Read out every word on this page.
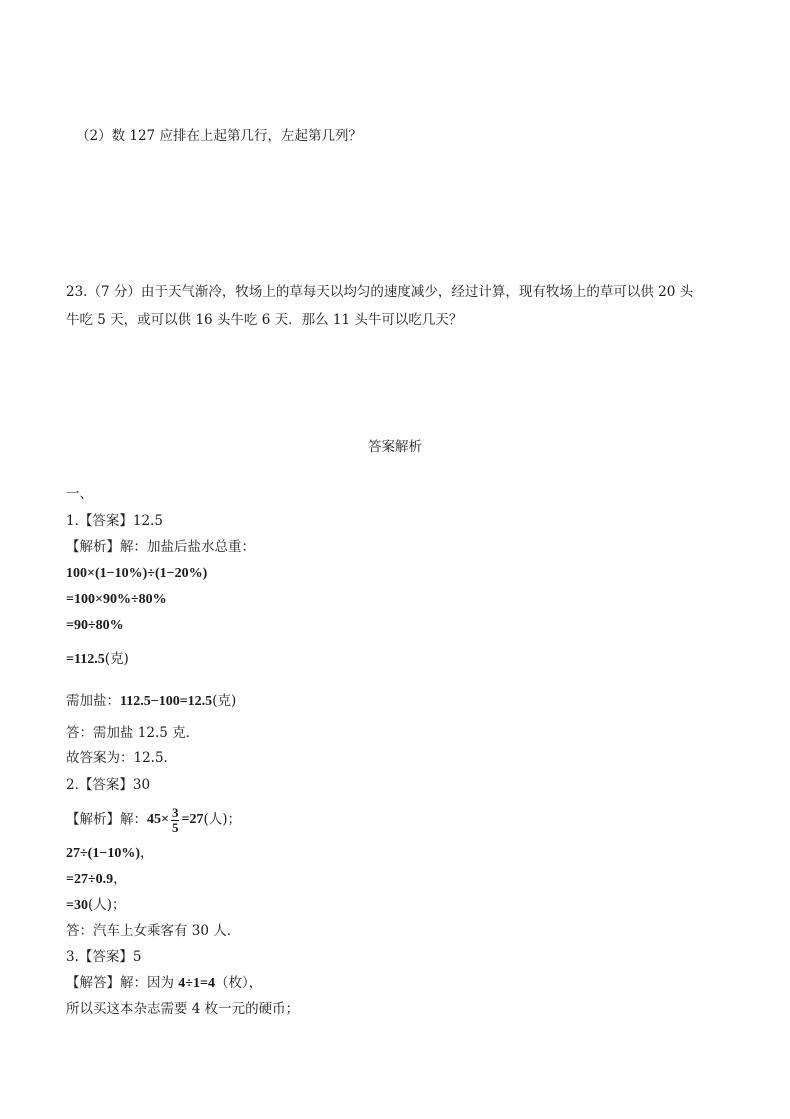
（2）数 127 应排在上起第几行，左起第几列？
23.（7 分）由于天气渐冷，牧场上的草每天以均匀的速度减少，经过计算，现有牧场上的草可以供 20 头
牛吃 5 天，或可以供 16 头牛吃 6 天．那么 11 头牛可以吃几天？
答案解析
一、
1.【答案】12.5
【解析】解：加盐后盐水总重：
100×(1−10%)÷(1−20%)
=100×90%÷80%
=90÷80%
=112.5(克)
需加盐：112.5−100=12.5(克)
答：需加盐 12.5 克．
故答案为：12.5.
2.【答案】30
【解析】解：$45\times \frac{3}{5} =27$(人)；
27÷(1−10%)，
=27÷0.9，
=30(人)；
答：汽车上女乘客有 30 人.
3.【答案】5
【解答】解：因为 4÷1=4（枚），
所以买这本杂志需要 4 枚一元的硬币；
